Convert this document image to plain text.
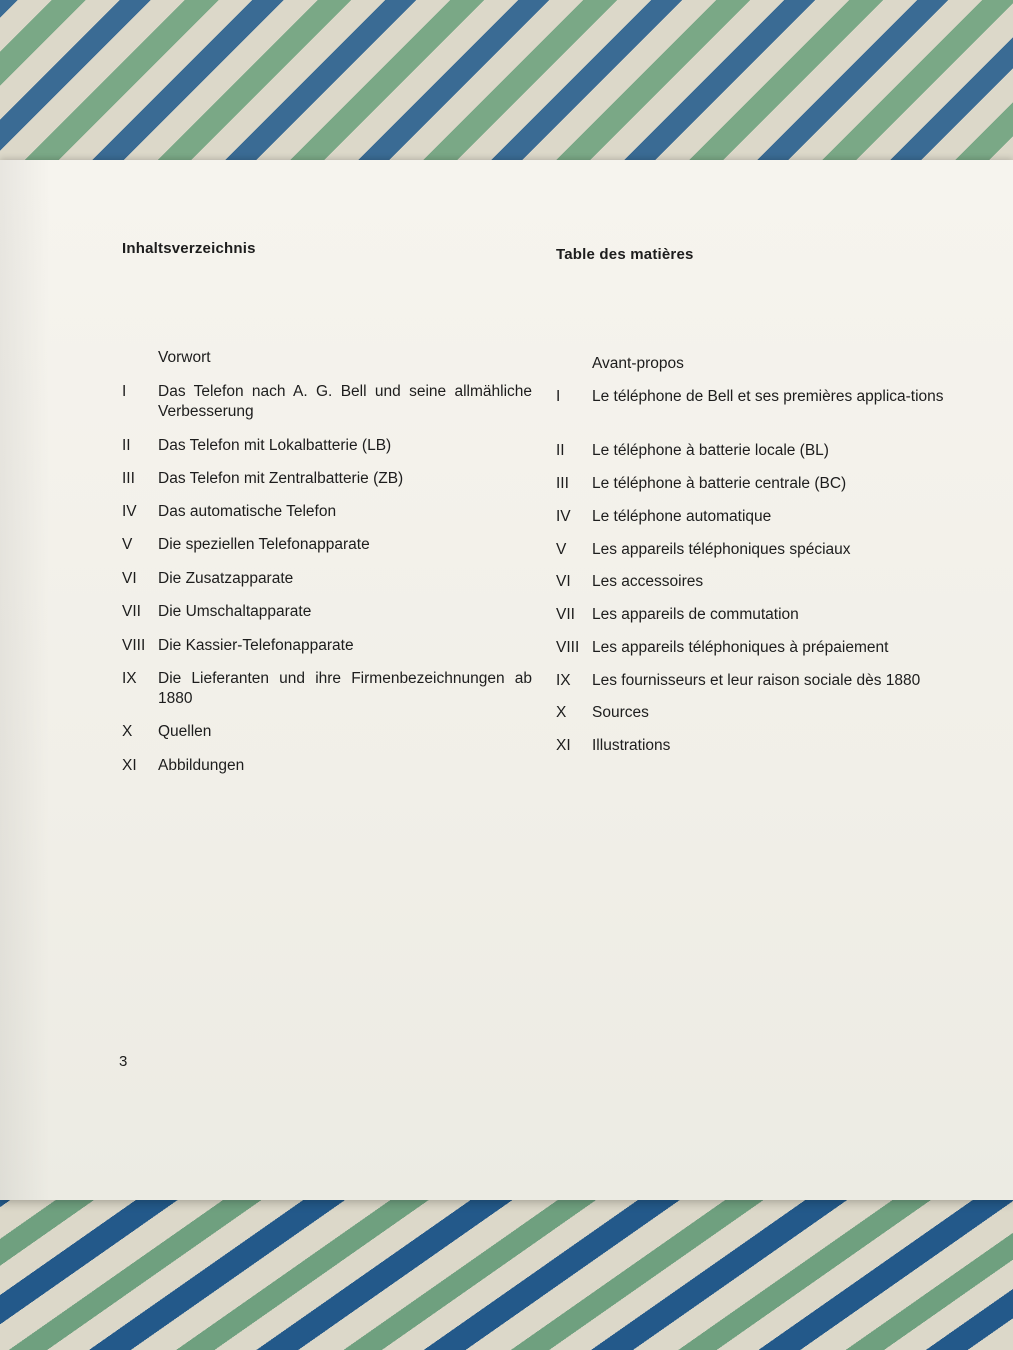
Inhaltsverzeichnis
Vorwort
I	Das Telefon nach A. G. Bell und seine allmähliche Verbesserung
II	Das Telefon mit Lokalbatterie (LB)
III	Das Telefon mit Zentralbatterie (ZB)
IV	Das automatische Telefon
V	Die speziellen Telefonapparate
VI	Die Zusatzapparate
VII	Die Umschaltapparate
VIII Die Kassier-Telefonapparate
IX	Die Lieferanten und ihre Firmenbezeichnungen ab 1880
X	Quellen
XI	Abbildungen
Table des matières
Avant-propos
I	Le téléphone de Bell et ses premières applica-tions
II	Le téléphone à batterie locale (BL)
III	Le téléphone à batterie centrale (BC)
IV	Le téléphone automatique
V	Les appareils téléphoniques spéciaux
VI	Les accessoires
VII	Les appareils de commutation
VIII Les appareils téléphoniques à prépaiement
IX	Les fournisseurs et leur raison sociale dès 1880
X	Sources
XI	Illustrations
3
